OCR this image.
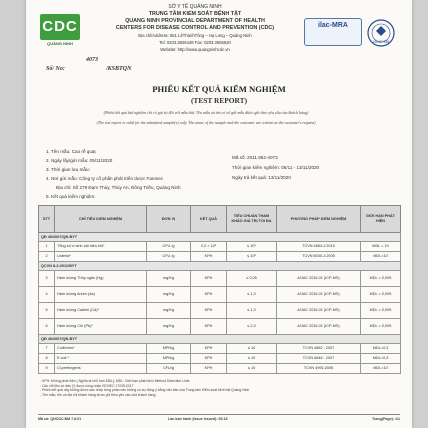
CDC
QUẢNG NINH
SỞ Y TẾ QUẢNG NINH
TRUNG TÂM KIỂM SOÁT BỆNH TẬT
QUANG NINH PROVINCIAL DEPARTMENT OF HEALTH
CENTERS FOR DISEASE CONTROL AND PREVENTION (CDC)
Địa chỉ/Address: 651 LêThánhTông – Hạ Long – Quảng Ninh
Tel: 0203.3825448 Fax: 0203.3556620
Website: http://www.quangninhcdc.vn
ilac-MRA
VILAS 938
4073
Số/ No:	/KSBTQN
PHIẾU KẾT QUẢ KIỂM NGHIỆM
(TEST REPORT)
(Phiếu kết quả thử nghiệm chỉ có giá trị đối với mẫu thử. Tên mẫu và tên cơ sở gửi mẫu được ghi theo yêu cầu của khách hàng)
(The test report is valid for the submitted sample(s) only. The name of the sample and the customer are written at the customer's request)
1. Tên mẫu: Cao rễ quạt
2. Ngày lấy/gửi mẫu: 05/11/2020
3. Thời gian lưu mẫu:
4. Nơi gửi mẫu: Công ty cổ phần phát triển dược Fanmec
Địa chỉ: Số 279 Đạm Thủy, Thủy An, Đông Triều, Quảng Ninh
5. Kết quả kiểm nghiệm:
Mã số: 2011.952-4073
Thời gian kiểm nghiệm: 05/11 - 13/11/2020
Ngày trả kết quả: 13/11/2020
STT	CHỈ TIÊU KIỂM NGHIỆM	ĐƠN VỊ	KẾT QUẢ	TIÊU CHUẨN THAM KHẢO GIÁ TRỊ TỐI ĐA	PHƯƠNG PHÁP KIỂM NGHIỆM	GIỚI HẠN PHÁT HIỆN
QĐ 46/2007/QĐ-BYT						
1	Tổng số vi sinh vật hiếu khí*	CFU /g	2,0 × 10²	≤ 10⁵	TCVN 4884-1:2015	MDL = 10
2	Listeria*	CFU /g	KPH	≤ 10²	TCVN 8030-1:2005	MDL=10
QCVN 8-2:2011/BYT						
3	Hàm lượng Thủy ngân (Hg)	mg/Kg	KPH	≤ 0,05	AOAC 2015.01 (ICP-MS)	MDL = 0,009
4	Hàm lượng Arsen (As)	mg/Kg	KPH	≤ 1,0	AOAC 2015.01 (ICP-MS)	MDL = 0,009
5	Hàm lượng Cadimi (Cd)*	mg/Kg	KPH	≤ 1,0	AOAC 2015.01 (ICP-MS)	MDL = 0,009
6	Hàm lượng Chì (Pb)*	mg/Kg	KPH	≤ 2,0	AOAC 2015.01 (ICP-MS)	MDL = 0,009
QĐ 46/2007/QĐ-BYT						
7	Coliforms*	MPN/g	KPH	≤ 10	TCVN 4882 : 2007	MDL=0,3
8	E.coli *	MPN/g	KPH	≤ 10	TCVN 6846 : 2007	MDL=0,3
9	Cl.perfringens	CFU/g	KPH	≤ 10	TCVN 4991:2005	MDL=10
- KPH: Không phát hiện ( Nghĩa là nhỏ hơn MDL); MDL: Giới hạn phát hiện/ Method Detection Limit
- Các chỉ tiêu có dấu (*) được công nhận ISO/IEC 17025:2017
- Phiếu kết quả này không được sao chép từng phần nếu không có sự đồng ý bằng văn bản của Trung tâm Kiểm soát bệnh tật Quảng Ninh
- Tên mẫu, tên và địa chỉ khách hàng được ghi theo yêu cầu của khách hàng
Mã số: QNCDC.BM 7.8.01	Lần ban hành (Issue issued): 05.18	Trang(Page): 1/1
